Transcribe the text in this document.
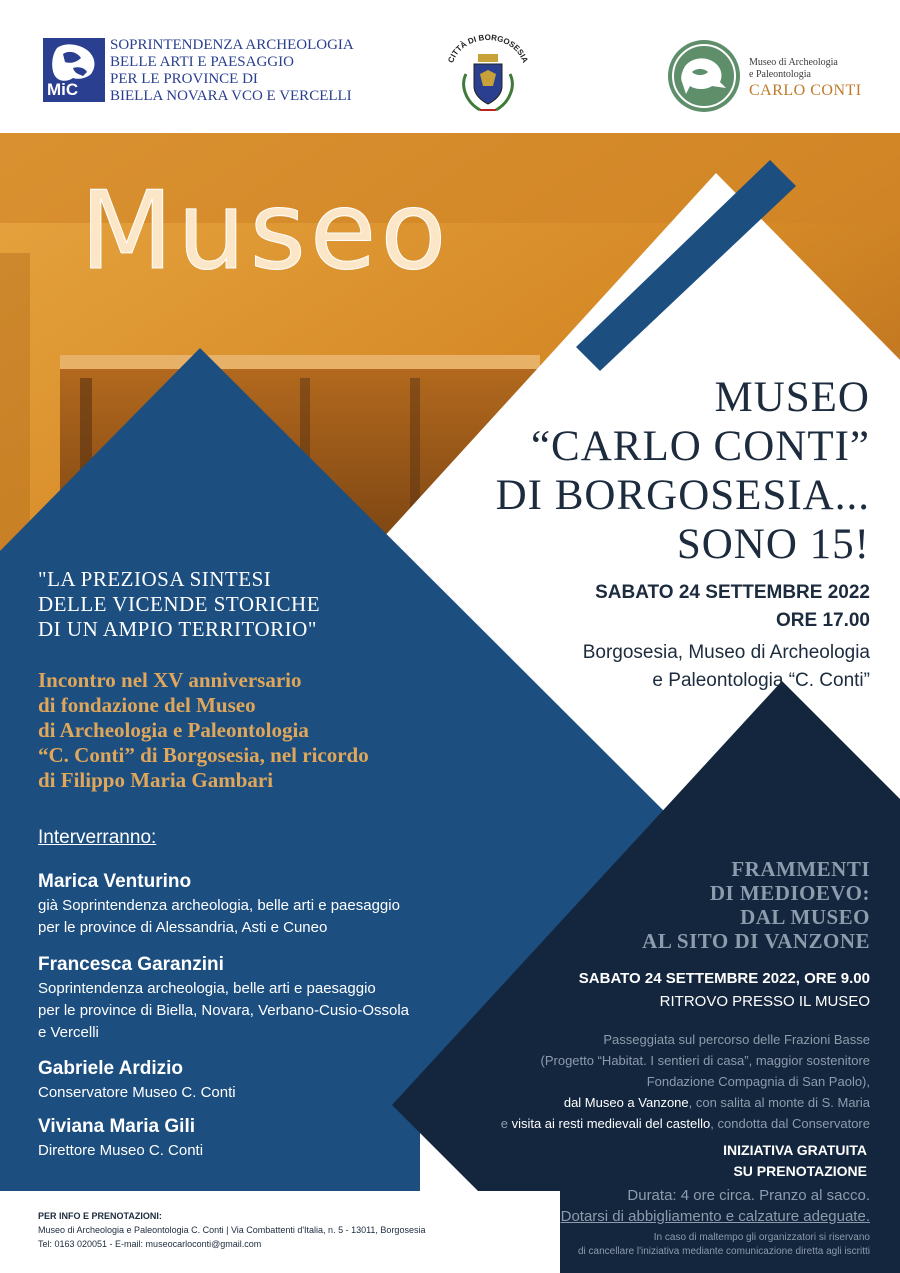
MiC
SOPRINTENDENZA ARCHEOLOGIA
BELLE ARTI E PAESAGGIO
PER LE PROVINCE DI
BIELLA NOVARA VCO E VERCELLI
CITTÀ DI BORGOSESIA	Museo di Archeologia
e Paleontologia
CARLO CONTI
Museo
MUSEO
“CARLO CONTI”
DI BORGOSESIA...
SONO 15!
SABATO 24 SETTEMBRE 2022
ORE 17.00
Borgosesia, Museo di Archeologia
e Paleontologia “C. Conti”
"LA PREZIOSA SINTESI
DELLE VICENDE STORICHE
DI UN AMPIO TERRITORIO"
Incontro nel XV anniversario
di fondazione del Museo
di Archeologia e Paleontologia
“C. Conti” di Borgosesia, nel ricordo
di Filippo Maria Gambari
Interverranno:
Marica Venturino
già Soprintendenza archeologia, belle arti e paesaggio
per le province di Alessandria, Asti e Cuneo
Francesca Garanzini
Soprintendenza archeologia, belle arti e paesaggio
per le province di Biella, Novara, Verbano-Cusio-Ossola
e Vercelli
Gabriele Ardizio
Conservatore Museo C. Conti
Viviana Maria Gili
Direttore Museo C. Conti
FRAMMENTI
DI MEDIOEVO:
DAL MUSEO
AL SITO DI VANZONE
SABATO 24 SETTEMBRE 2022, ORE 9.00
RITROVO PRESSO IL MUSEO
Passeggiata sul percorso delle Frazioni Basse
(Progetto “Habitat. I sentieri di casa”, maggior sostenitore
Fondazione Compagnia di San Paolo),
dal Museo a Vanzone, con salita al monte di S. Maria
e visita ai resti medievali del castello, condotta dal Conservatore
INIZIATIVA GRATUITA
SU PRENOTAZIONE
Durata: 4 ore circa. Pranzo al sacco.
Dotarsi di abbigliamento e calzature adeguate.
In caso di maltempo gli organizzatori si riservano
di cancellare l'iniziativa mediante comunicazione diretta agli iscritti
PER INFO E PRENOTAZIONI:
Museo di Archeologia e Paleontologia C. Conti | Via Combattenti d'Italia, n. 5 - 13011, Borgosesia
Tel: 0163 020051 - E-mail: museocarloconti@gmail.com
